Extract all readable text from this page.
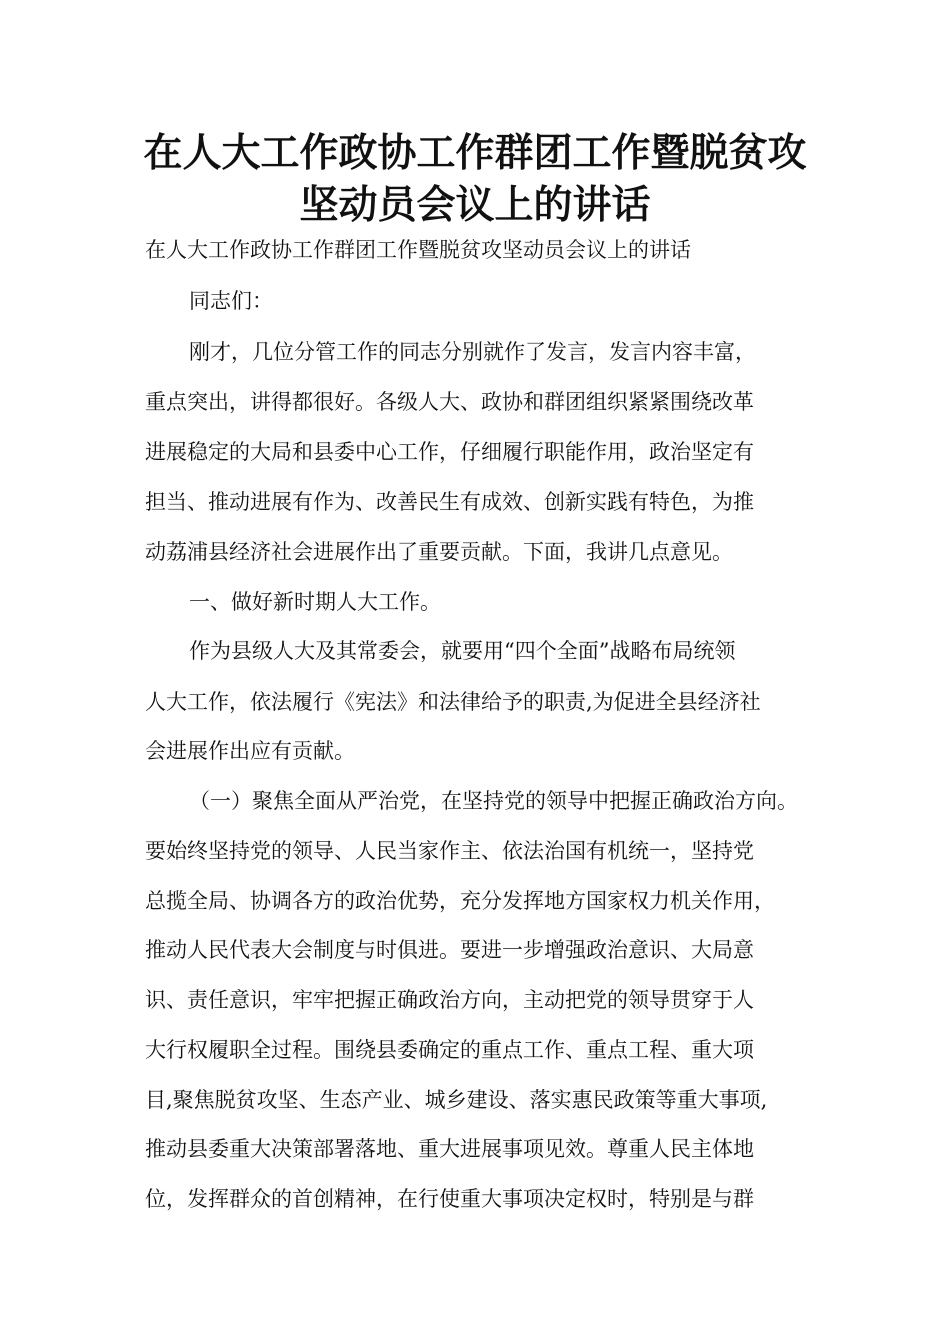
在人大工作政协工作群团工作暨脱贫攻
坚动员会议上的讲话

在人大工作政协工作群团工作暨脱贫攻坚动员会议上的讲话

同志们：

刚才，几位分管工作的同志分别就作了发言，发言内容丰富，

重点突出，讲得都很好。各级人大、政协和群团组织紧紧围绕改革

进展稳定的大局和县委中心工作，仔细履行职能作用，政治坚定有

担当、推动进展有作为、改善民生有成效、创新实践有特色，为推

动荔浦县经济社会进展作出了重要贡献。下面，我讲几点意见。

一、做好新时期人大工作。

作为县级人大及其常委会，就要用“四个全面”战略布局统领

人大工作，依法履行《宪法》和法律给予的职责,为促进全县经济社

会进展作出应有贡献。

（一）聚焦全面从严治党，在坚持党的领导中把握正确政治方向。

要始终坚持党的领导、人民当家作主、依法治国有机统一，坚持党

总揽全局、协调各方的政治优势，充分发挥地方国家权力机关作用，

推动人民代表大会制度与时俱进。要进一步增强政治意识、大局意

识、责任意识，牢牢把握正确政治方向，主动把党的领导贯穿于人

大行权履职全过程。围绕县委确定的重点工作、重点工程、重大项

目,聚焦脱贫攻坚、生态产业、城乡建设、落实惠民政策等重大事项,

推动县委重大决策部署落地、重大进展事项见效。尊重人民主体地

位，发挥群众的首创精神，在行使重大事项决定权时，特别是与群
